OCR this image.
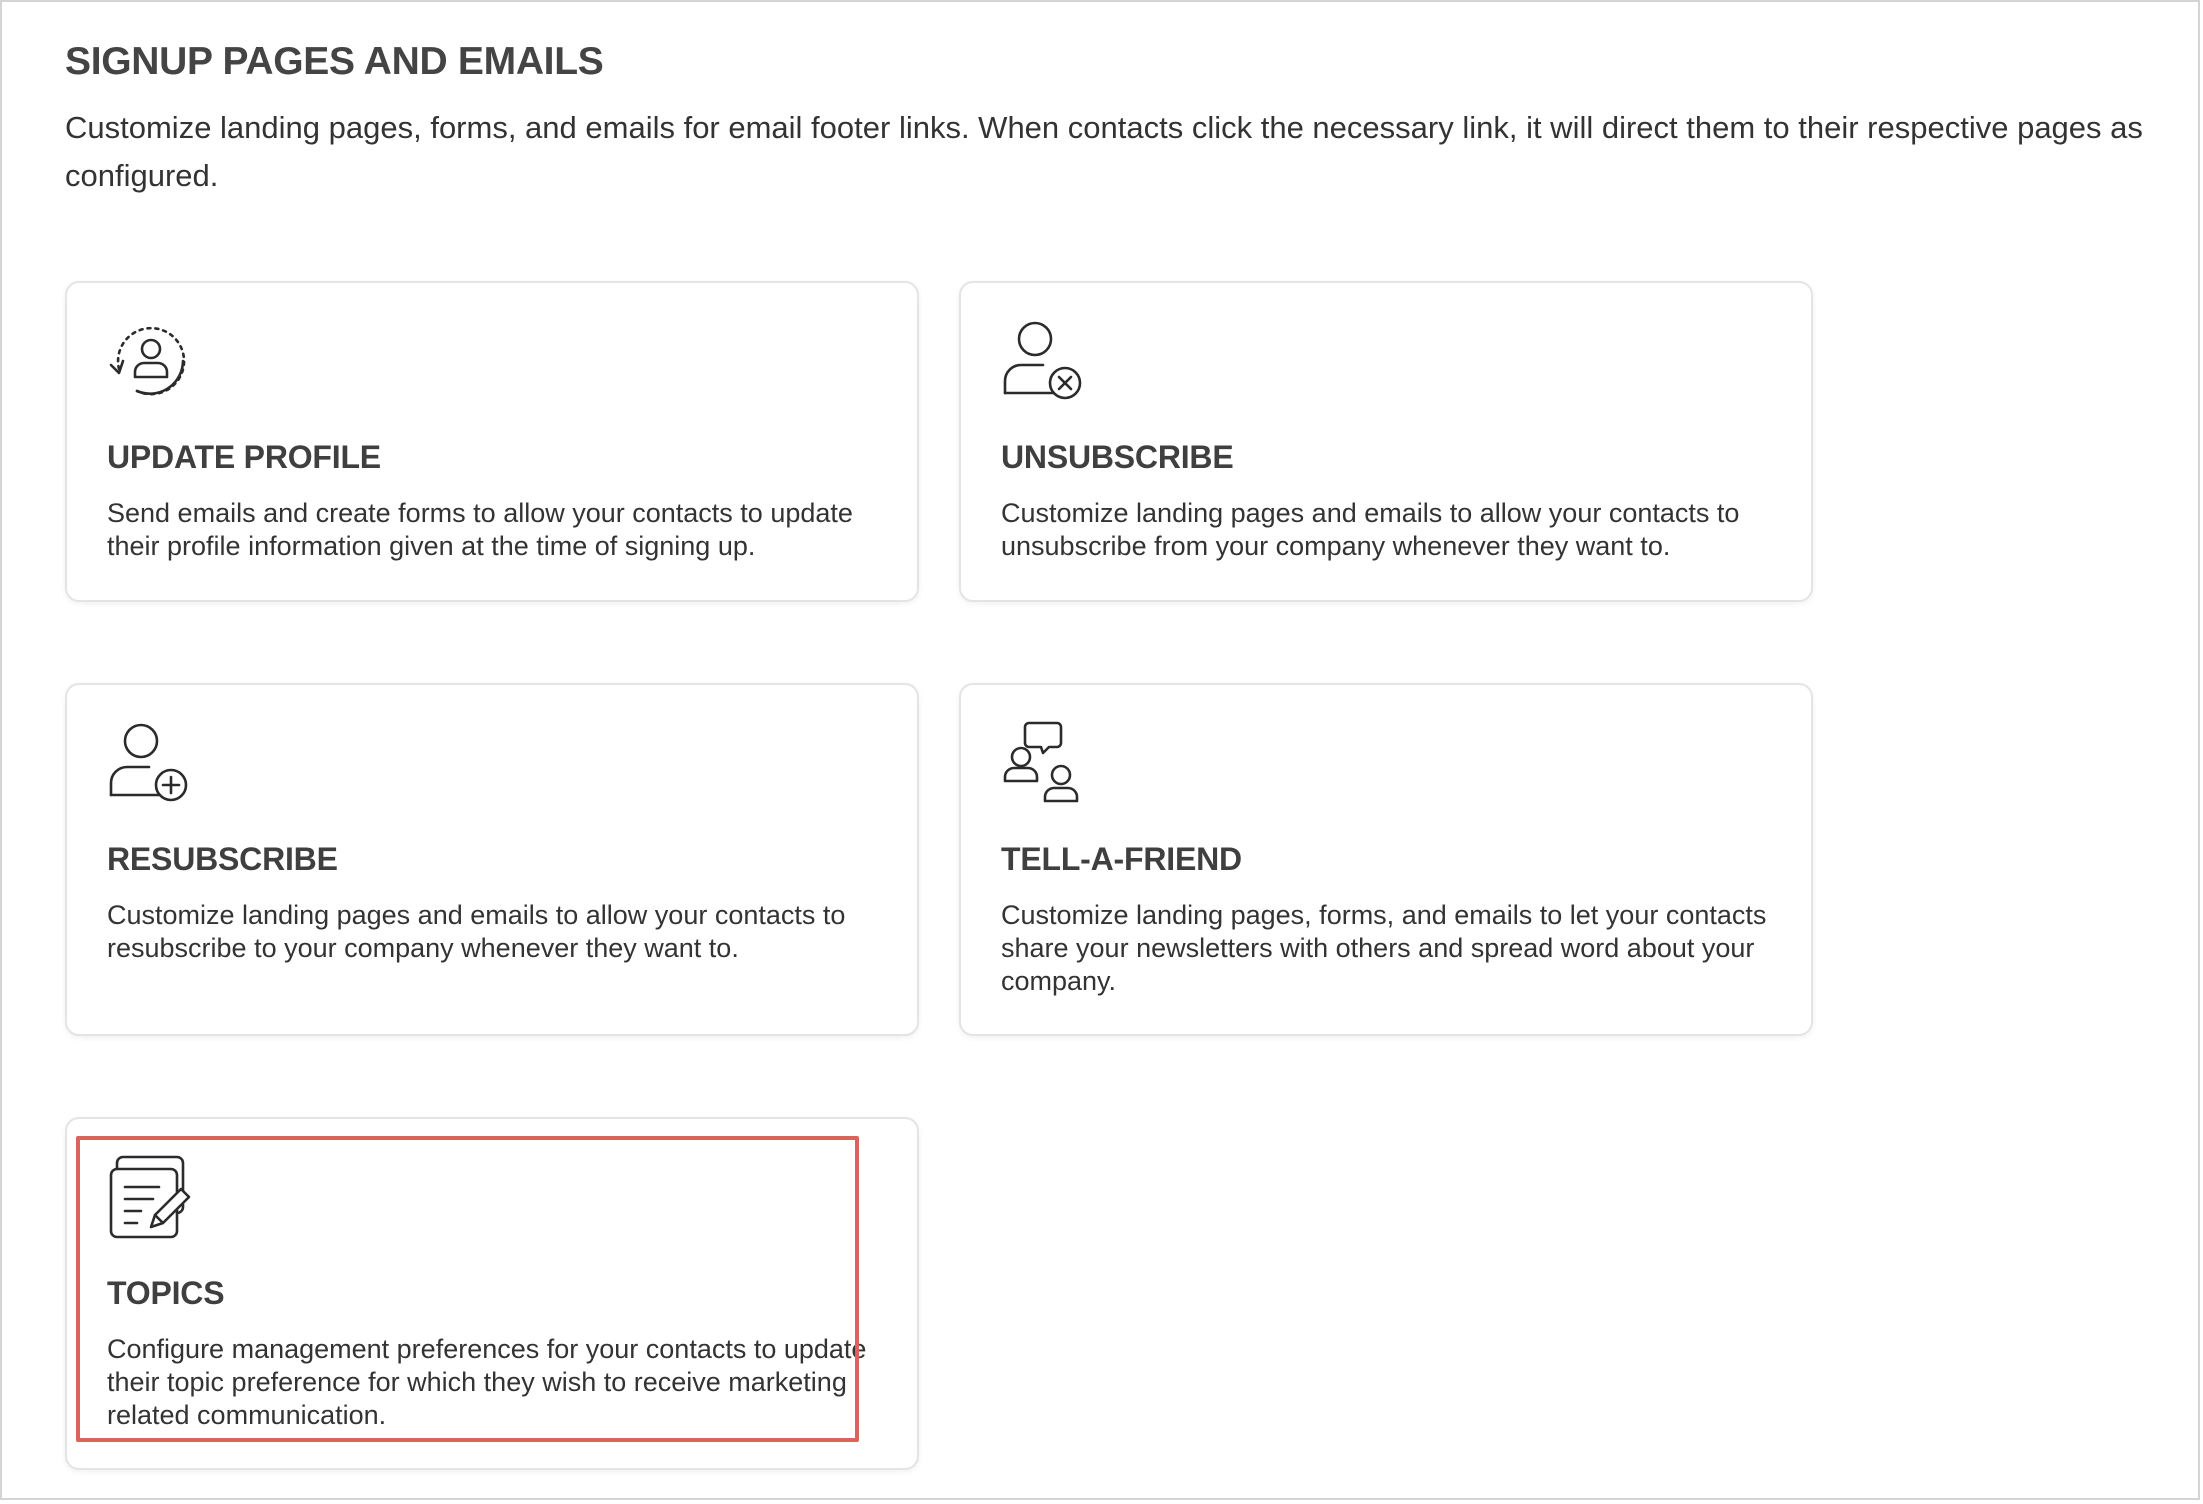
SIGNUP PAGES AND EMAILS

Customize landing pages, forms, and emails for email footer links. When contacts click the necessary link, it will direct them to their respective pages as configured.

UPDATE PROFILE

Send emails and create forms to allow your contacts to update their profile information given at the time of signing up.

UNSUBSCRIBE

Customize landing pages and emails to allow your contacts to unsubscribe from your company whenever they want to.

RESUBSCRIBE

Customize landing pages and emails to allow your contacts to resubscribe to your company whenever they want to.

TELL-A-FRIEND

Customize landing pages, forms, and emails to let your contacts share your newsletters with others and spread word about your company.

TOPICS

Configure management preferences for your contacts to update their topic preference for which they wish to receive marketing related communication.
